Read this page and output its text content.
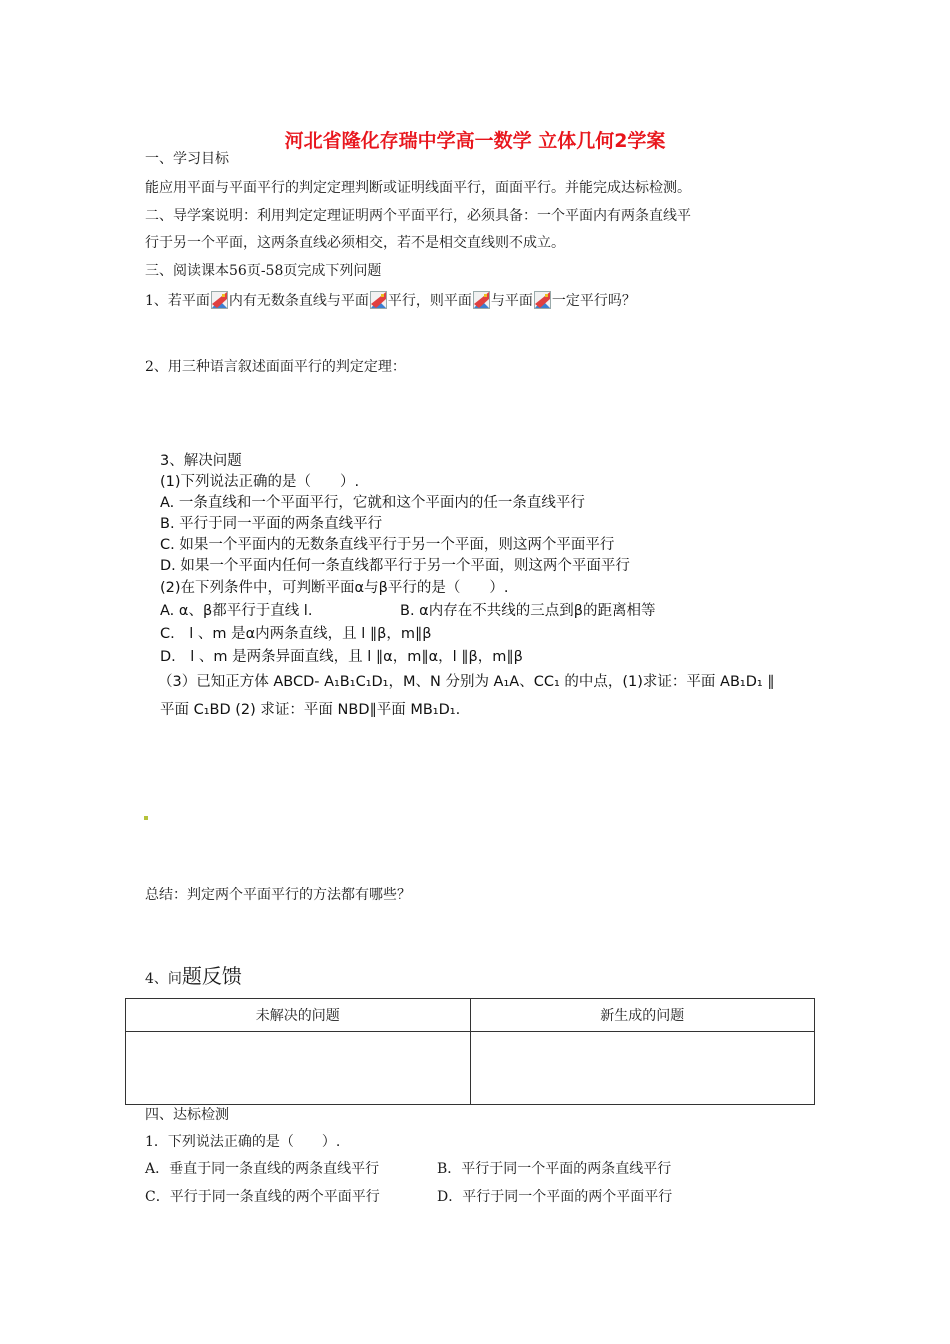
河北省隆化存瑞中学高一数学 立体几何2学案
一、学习目标
能应用平面与平面平行的判定定理判断或证明线面平行，面面平行。并能完成达标检测。
二、导学案说明：利用判定定理证明两个平面平行，必须具备：一个平面内有两条直线平
行于另一个平面，这两条直线必须相交，若不是相交直线则不成立。
三、阅读课本56页-58页完成下列问题
1、若平面 内有无数条直线与平面 平行，则平面 与平面 一定平行吗？
2、用三种语言叙述面面平行的判定定理：
3、解决问题
(1)下列说法正确的是（　　）.
A. 一条直线和一个平面平行，它就和这个平面内的任一条直线平行
B. 平行于同一平面的两条直线平行
C. 如果一个平面内的无数条直线平行于另一个平面，则这两个平面平行
D. 如果一个平面内任何一条直线都平行于另一个平面，则这两个平面平行
(2)在下列条件中，可判断平面α与β平行的是（　　）.
A. α、β都平行于直线 l.	B. α内存在不共线的三点到β的距离相等
C.　l 、m 是α内两条直线，且 l ∥β，m∥β
D.　l 、m 是两条异面直线，且 l ∥α，m∥α，l ∥β，m∥β
（3）已知正方体 ABCD- A₁B₁C₁D₁，M、N 分别为 A₁A、CC₁ 的中点，(1)求证：平面 AB₁D₁ ∥
平面 C₁BD (2) 求证：平面 NBD∥平面 MB₁D₁.
总结：判定两个平面平行的方法都有哪些？
4、问题反馈
未解决的问题	新生成的问题

四、达标检测
1．下列说法正确的是（　　）.
A．垂直于同一条直线的两条直线平行	B．平行于同一个平面的两条直线平行
C．平行于同一条直线的两个平面平行	D．平行于同一个平面的两个平面平行
